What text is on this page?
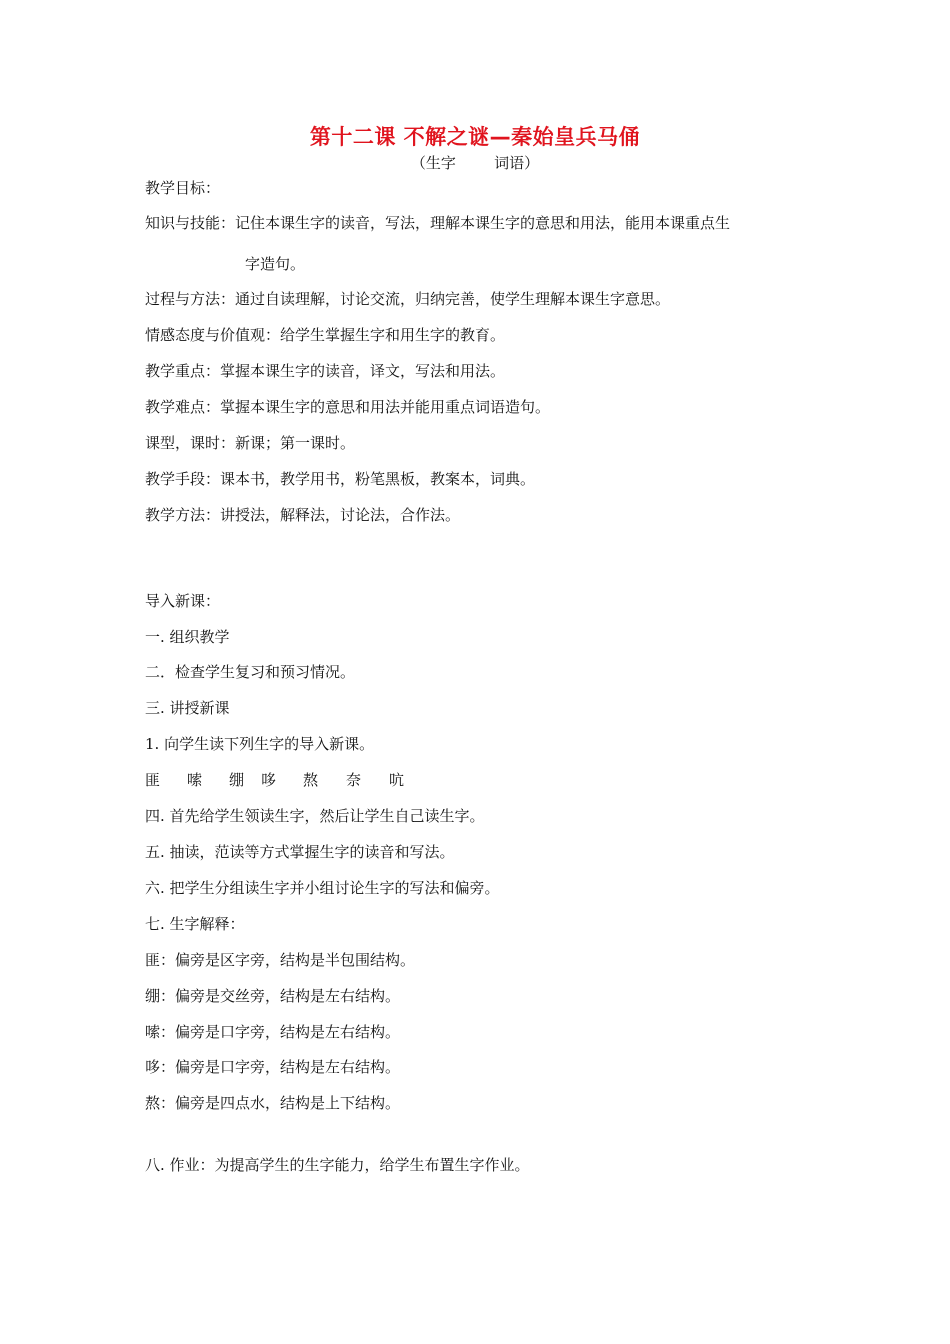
第十二课 不解之谜—秦始皇兵马俑
（生字        词语）
教学目标：
知识与技能：记住本课生字的读音，写法，理解本课生字的意思和用法，能用本课重点生
字造句。
过程与方法：通过自读理解，讨论交流，归纳完善，使学生理解本课生字意思。
情感态度与价值观：给学生掌握生字和用生字的教育。
教学重点：掌握本课生字的读音，译文，写法和用法。
教学难点：掌握本课生字的意思和用法并能用重点词语造句。
课型，课时：新课；第一课时。
教学手段：课本书，教学用书，粉笔黑板，教案本，词典。
教学方法：讲授法，解释法，讨论法，合作法。
导入新课：
一. 组织教学
二．检查学生复习和预习情况。
三. 讲授新课
1. 向学生读下列生字的导入新课。
匪 嗦 绷 哆 熬 奈 吭
四. 首先给学生领读生字，然后让学生自己读生字。
五. 抽读，范读等方式掌握生字的读音和写法。
六. 把学生分组读生字并小组讨论生字的写法和偏旁。
七. 生字解释：
匪：偏旁是区字旁，结构是半包围结构。
绷：偏旁是交丝旁，结构是左右结构。
嗦：偏旁是口字旁，结构是左右结构。
哆：偏旁是口字旁，结构是左右结构。
熬：偏旁是四点水，结构是上下结构。
八. 作业：为提高学生的生字能力，给学生布置生字作业。
